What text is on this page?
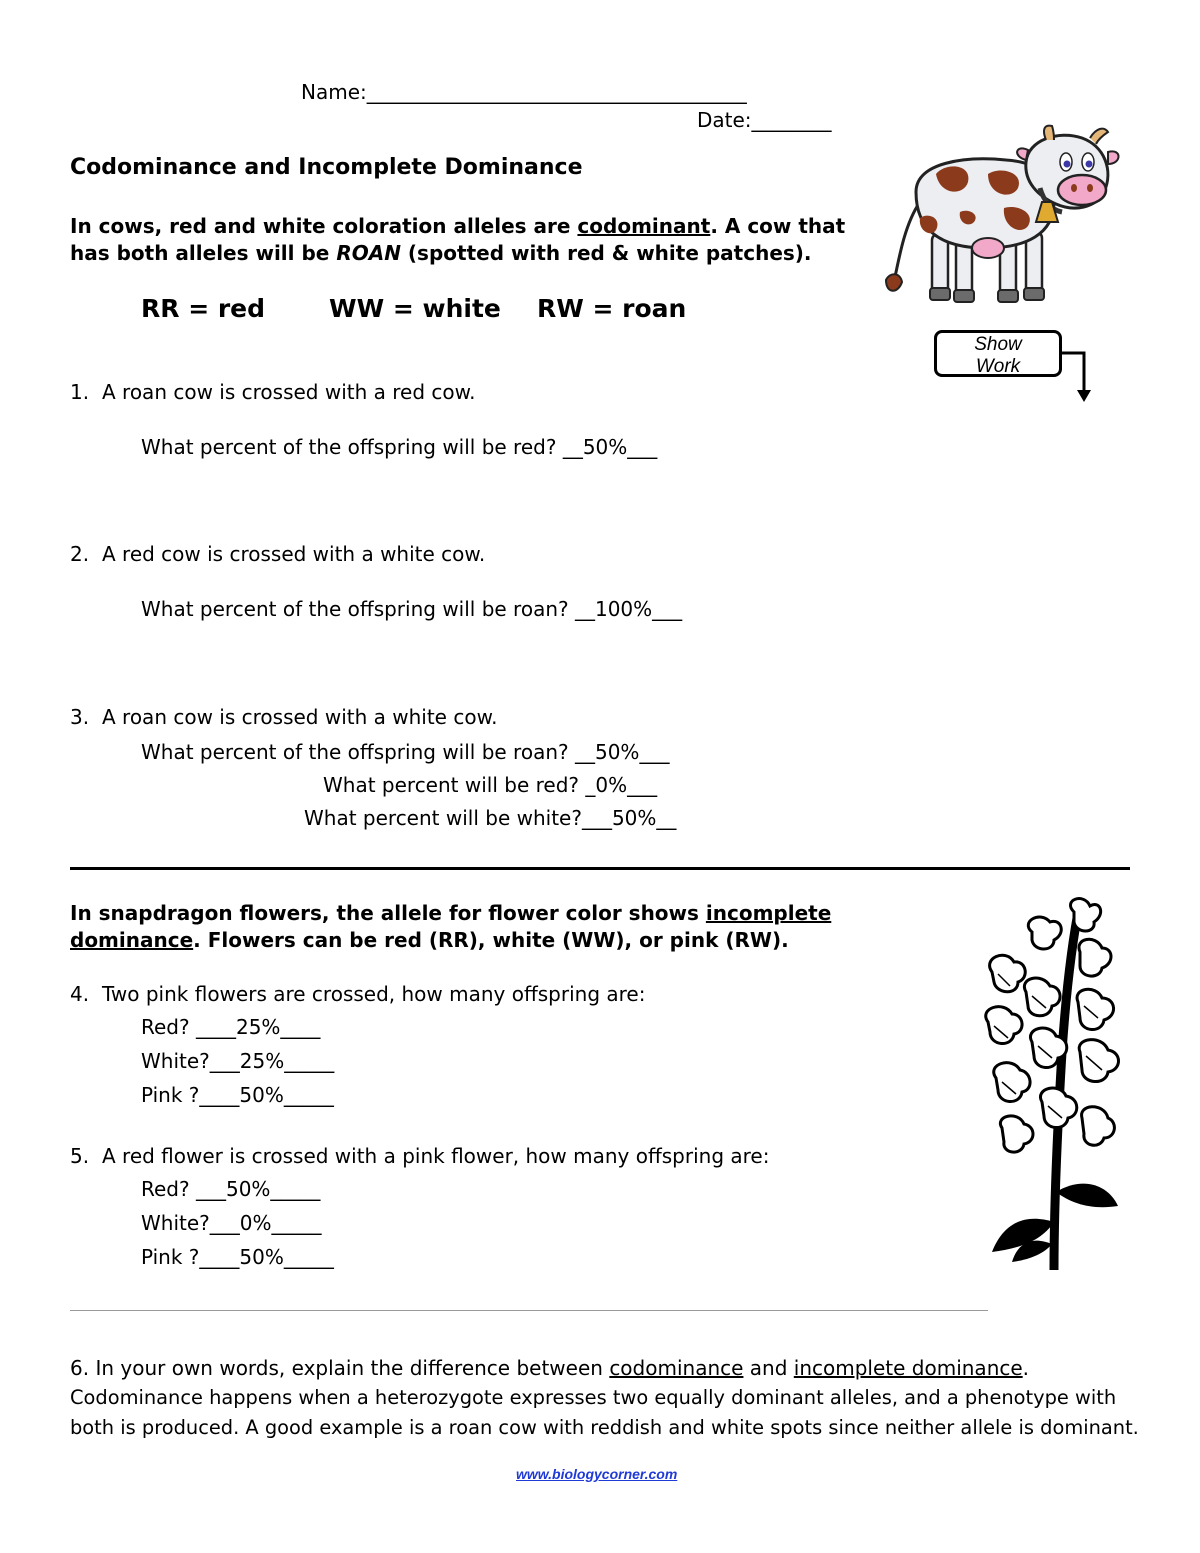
Name:______________________________________
Date:________
Codominance and Incomplete Dominance
In cows, red and white coloration alleles are codominant. A cow that
has both alleles will be ROAN (spotted with red & white patches).
RR = red	WW = white RW = roan
Show
Work
1. A roan cow is crossed with a red cow.
What percent of the offspring will be red? __50%___
2. A red cow is crossed with a white cow.
What percent of the offspring will be roan? __100%___
3. A roan cow is crossed with a white cow.
What percent of the offspring will be roan? __50%___
What percent will be red? _0%___
What percent will be white?___50%__
In snapdragon flowers, the allele for flower color shows incomplete
dominance. Flowers can be red (RR), white (WW), or pink (RW).
4. Two pink flowers are crossed, how many offspring are:
Red? ____25%____
White?___25%_____
Pink ?____50%_____
5. A red flower is crossed with a pink flower, how many offspring are:
Red? ___50%_____
White?___0%_____
Pink ?____50%_____
6. In your own words, explain the difference between codominance and incomplete dominance.
Codominance happens when a heterozygote expresses two equally dominant alleles, and a phenotype with
both is produced. A good example is a roan cow with reddish and white spots since neither allele is dominant.
www.biologycorner.com
